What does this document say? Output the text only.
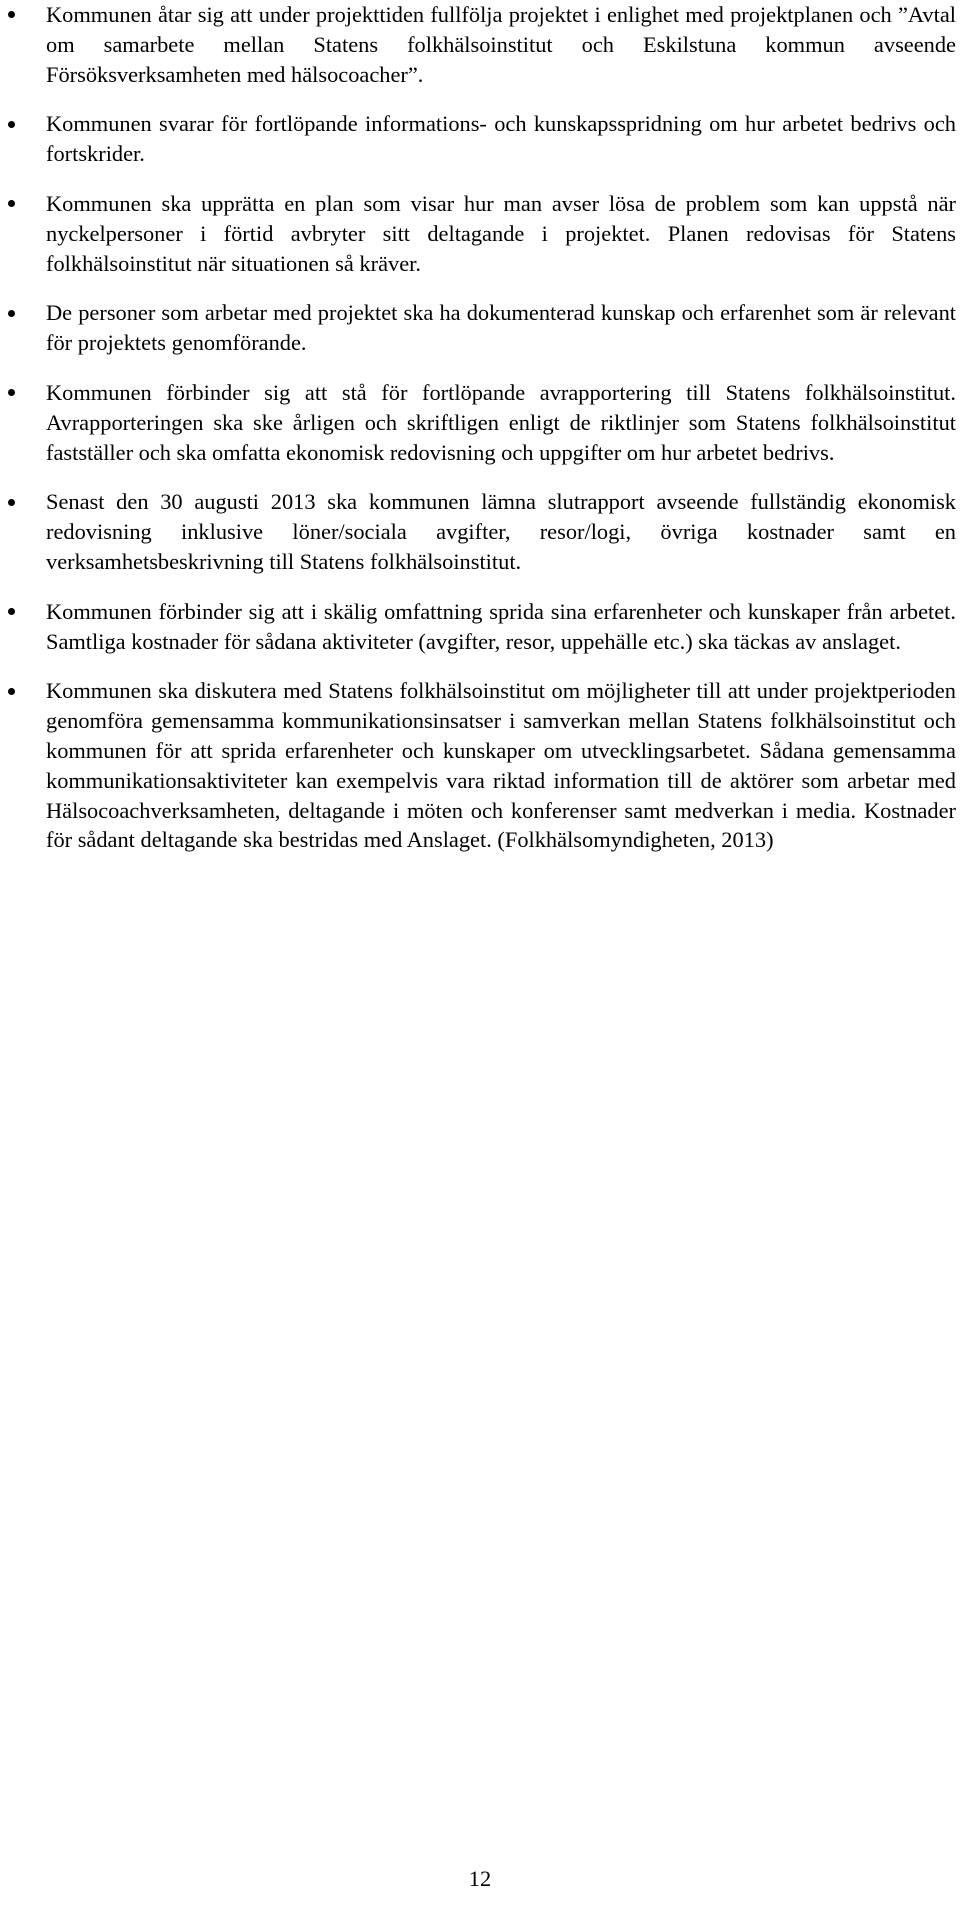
Kommunen åtar sig att under projekttiden fullfölja projektet i enlighet med projektplanen och ”Avtal om samarbete mellan Statens folkhälsoinstitut och Eskilstuna kommun avseende Försöksverksamheten med hälsocoacher”.
Kommunen svarar för fortlöpande informations- och kunskapsspridning om hur arbetet bedrivs och fortskrider.
Kommunen ska upprätta en plan som visar hur man avser lösa de problem som kan uppstå när nyckelpersoner i förtid avbryter sitt deltagande i projektet. Planen redovisas för Statens folkhälsoinstitut när situationen så kräver.
De personer som arbetar med projektet ska ha dokumenterad kunskap och erfarenhet som är relevant för projektets genomförande.
Kommunen förbinder sig att stå för fortlöpande avrapportering till Statens folkhälsoinstitut. Avrapporteringen ska ske årligen och skriftligen enligt de riktlinjer som Statens folkhälsoinstitut fastställer och ska omfatta ekonomisk redovisning och uppgifter om hur arbetet bedrivs.
Senast den 30 augusti 2013 ska kommunen lämna slutrapport avseende fullständig ekonomisk redovisning inklusive löner/sociala avgifter, resor/logi, övriga kostnader samt en verksamhetsbeskrivning till Statens folkhälsoinstitut.
Kommunen förbinder sig att i skälig omfattning sprida sina erfarenheter och kunskaper från arbetet. Samtliga kostnader för sådana aktiviteter (avgifter, resor, uppehälle etc.) ska täckas av anslaget.
Kommunen ska diskutera med Statens folkhälsoinstitut om möjligheter till att under projektperioden genomföra gemensamma kommunikationsinsatser i samverkan mellan Statens folkhälsoinstitut och kommunen för att sprida erfarenheter och kunskaper om utvecklingsarbetet. Sådana gemensamma kommunikationsaktiviteter kan exempelvis vara riktad information till de aktörer som arbetar med Hälsocoachverksamheten, deltagande i möten och konferenser samt medverkan i media. Kostnader för sådant deltagande ska bestridas med Anslaget. (Folkhälsomyndigheten, 2013)
12
